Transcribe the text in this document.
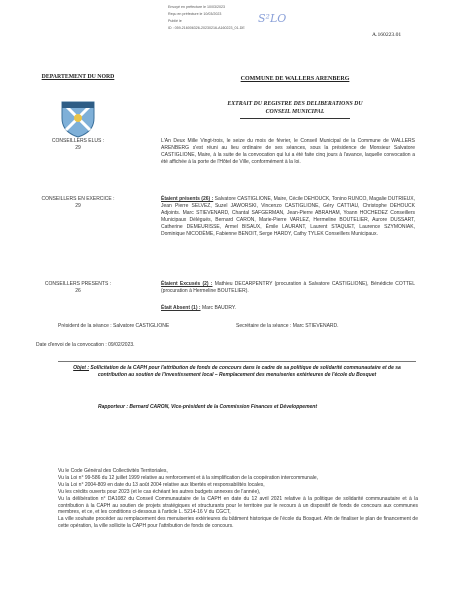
Envoyé en préfecture le 10/03/2023
Reçu en préfecture le 10/03/2023
Publié le
ID : 059-216006326-20230216-A160223_01-DE
S²LO
A.160223.01
DEPARTEMENT DU NORD	COMMUNE DE WALLERS ARENBERG
EXTRAIT DU REGISTRE DES DELIBERATIONS DU
CONSEIL MUNICIPAL
CONSEILLERS ELUS :
29
L'An Deux Mille Vingt-trois, le seize du mois de février, le Conseil Municipal de la Commune de WALLERS ARENBERG s'est réuni au lieu ordinaire de ses séances, sous la présidence de Monsieur Salvatore CASTIGLIONE, Maire, à la suite de la convocation qui lui a été faite cinq jours à l'avance, laquelle convocation a été affichée à la porte de l'Hôtel de Ville, conformément à la loi.
CONSEILLERS EN EXERCICE :
29
Étaient présents (26) : Salvatore CASTIGLIONE, Maire, Cécile DEHOUCK, Tonino RUNCO, Magalie DUTRIEUX, Jean Pierre SELVEZ, Suzel JAWORSKI, Vincenzo CASTIGLIONE, Géry CATTIAU, Christophe DEHOUCK Adjoints. Marc STIEVENARD, Chantal SAFGERMAN, Jean-Pierre ABRAHAM, Yoann HOCHEDEZ Conseillers Municipaux Délégués, Bernard CARON, Marie-Pierre VARLEZ, Hermeline BOUTELIER, Aurore DUSSART, Catherine DEMEURISSE, Armel BISAUX, Émile LAURANT, Laurent STAQUET, Laurence SZYMONIAK, Dominique NICODÈME, Fabienne BENOIT, Serge HARDY, Cathy TYLEK Conseillers Municipaux.
CONSEILLERS PRESENTS :
26
Étaient Excusés (2) : Mathieu DECARPENTRY (procuration à Salvatore CASTIGLIONE), Bénédicte COTTEL (procuration à Hermeline BOUTELIER).
Était Absent (1) : Marc BAUDRY.
Président de la séance : Salvatore CASTIGLIONE	Secrétaire de la séance : Marc STIEVENARD.
Date d'envoi de la convocation : 09/02/2023.
Objet : Sollicitation de la CAPH pour l'attribution de fonds de concours dans le cadre de sa politique de solidarité communautaire et de sa contribution au soutien de l'investissement local – Remplacement des menuiseries extérieures de l'école du Bosquet
Rapporteur : Bernard CARON, Vice-président de la Commission Finances et Développement

Vu le Code Général des Collectivités Territoriales,

Vu la Loi n° 99-586 du 12 juillet 1999 relative au renforcement et à la simplification de la coopération intercommunale,

Vu la Loi n° 2004-809 en date du 13 août 2004 relative aux libertés et responsabilités locales,

Vu les crédits ouverts pour 2023 (et le cas échéant les autres budgets annexes de l'année),

Vu la délibération n° DA1082 du Conseil Communautaire de la CAPH en date du 12 avril 2021 relative à la politique de solidarité communautaire et à la contribution à la CAPH au soutien de projets stratégiques et structurants pour le territoire par le recours à un dispositif de fonds de concours aux communes membres, et ce, et les conditions ci-dessous à l'article L. 5214-16 V du CGCT,

La ville souhaite procéder au remplacement des menuiseries extérieures du bâtiment historique de l'école du Bosquet. Afin de finaliser le plan de financement de cette opération, la ville sollicite la CAPH pour l'attribution de fonds de concours.
